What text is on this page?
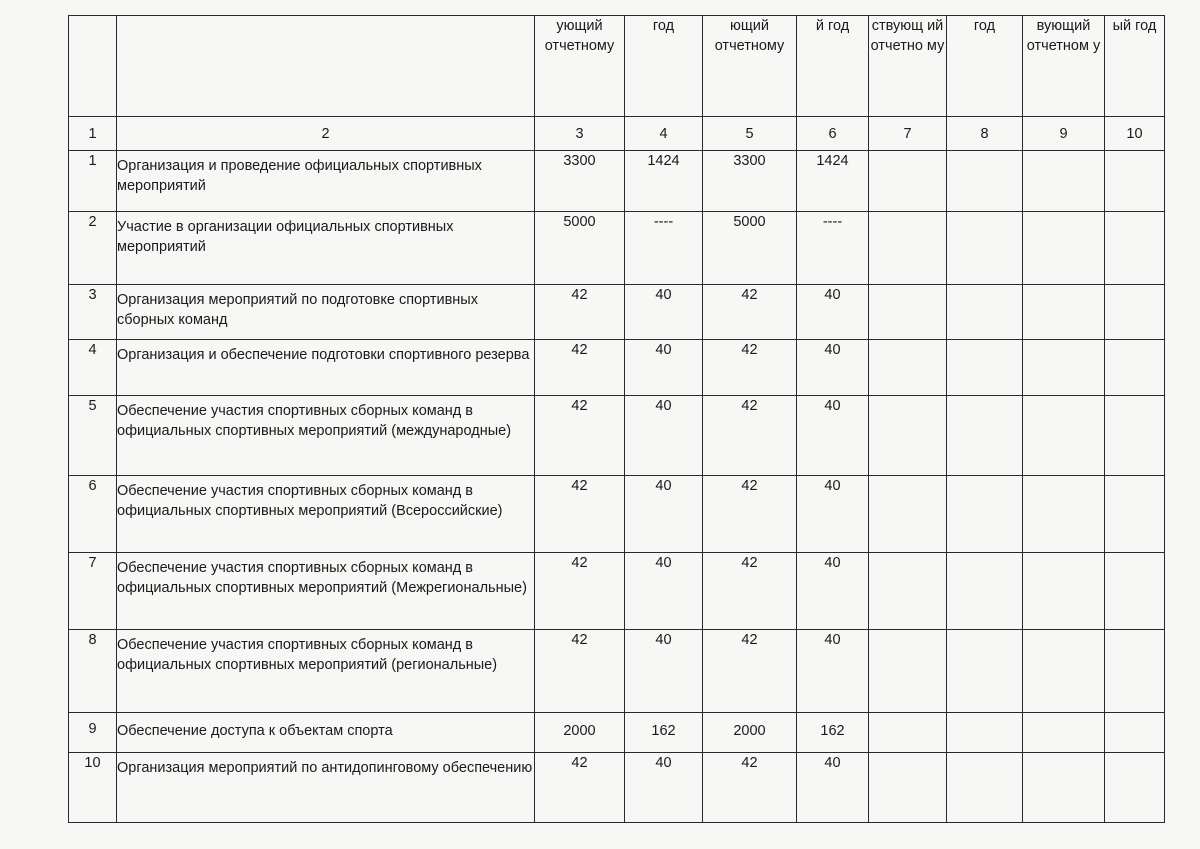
		ующий отчетному	год	ющий отчетному	й год	ствующ ий отчетно му	год	вующий отчетном у	ый год
1	2	3	4	5	6	7	8	9	10
1	Организация и проведение официальных спортивных мероприятий	3300	1424	3300	1424				
2	Участие в организации официальных спортивных мероприятий	5000	----	5000	----				
3	Организация мероприятий по подготовке спортивных сборных команд	42	40	42	40				
4	Организация и обеспечение подготовки спортивного резерва	42	40	42	40				
5	Обеспечение участия спортивных сборных команд в официальных спортивных мероприятий (международные)	42	40	42	40				
6	Обеспечение участия спортивных сборных команд в официальных спортивных мероприятий (Всероссийские)	42	40	42	40				
7	Обеспечение участия спортивных сборных команд в официальных спортивных мероприятий (Межрегиональные)	42	40	42	40				
8	Обеспечение участия спортивных сборных команд в официальных спортивных мероприятий (региональные)	42	40	42	40				
9	Обеспечение доступа к объектам спорта	2000	162	2000	162				
10	Организация мероприятий по антидопинговому обеспечению	42	40	42	40				
